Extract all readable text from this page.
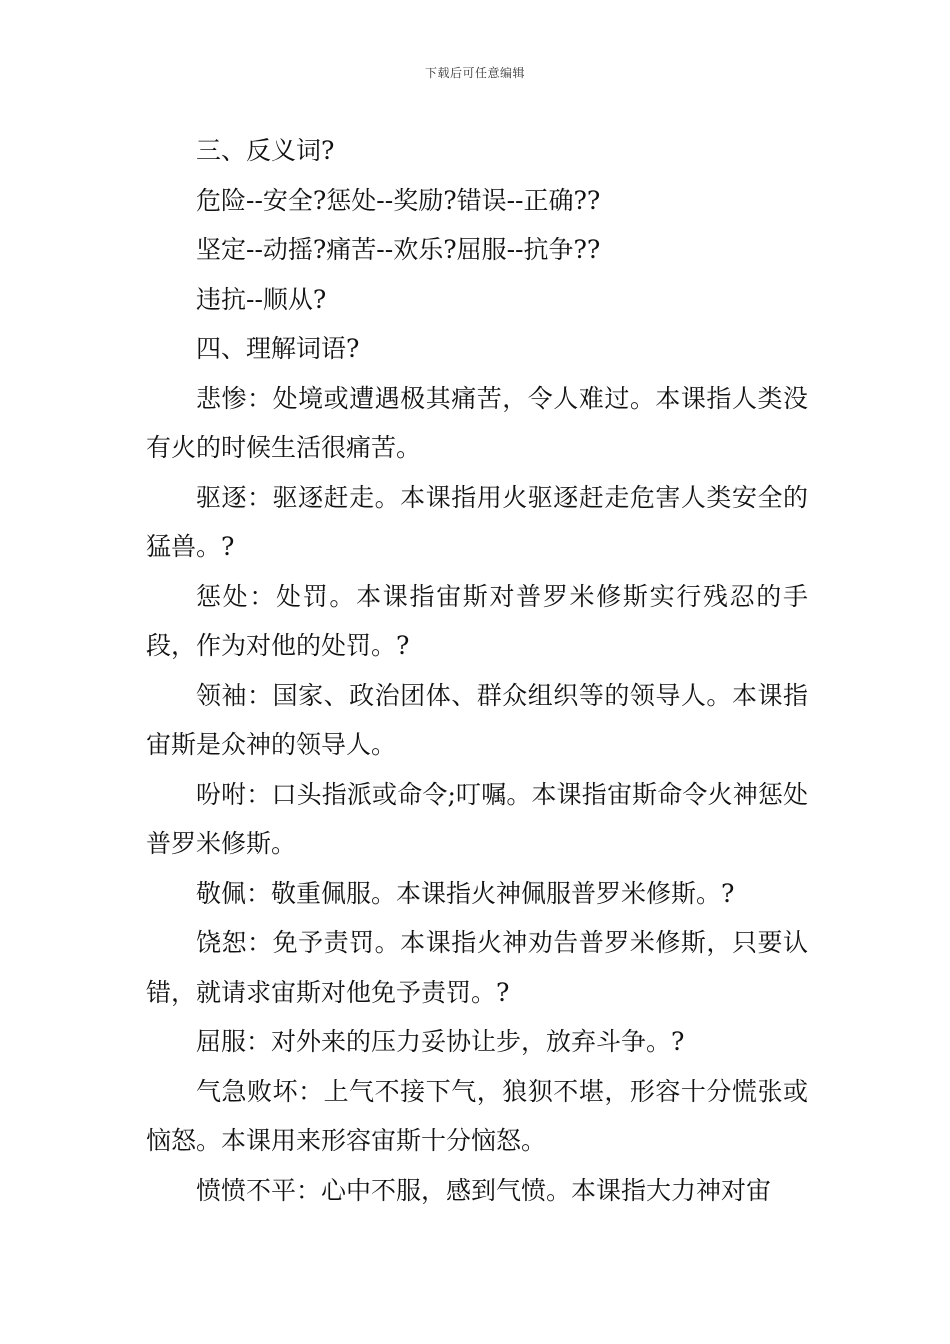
下载后可任意编辑

三、反义词?

危险--安全?惩处--奖励?错误--正确??

坚定--动摇?痛苦--欢乐?屈服--抗争??

违抗--顺从?

四、理解词语?

悲惨：处境或遭遇极其痛苦，令人难过。本课指人类没有火的时候生活很痛苦。

驱逐：驱逐赶走。本课指用火驱逐赶走危害人类安全的猛兽。?

惩处：处罚。本课指宙斯对普罗米修斯实行残忍的手段，作为对他的处罚。?

领袖：国家、政治团体、群众组织等的领导人。本课指宙斯是众神的领导人。

吩咐：口头指派或命令;叮嘱。本课指宙斯命令火神惩处普罗米修斯。

敬佩：敬重佩服。本课指火神佩服普罗米修斯。?

饶恕：免予责罚。本课指火神劝告普罗米修斯，只要认错，就请求宙斯对他免予责罚。?

屈服：对外来的压力妥协让步，放弃斗争。?

气急败坏：上气不接下气，狼狈不堪，形容十分慌张或恼怒。本课用来形容宙斯十分恼怒。

愤愤不平：心中不服，感到气愤。本课指大力神对宙
